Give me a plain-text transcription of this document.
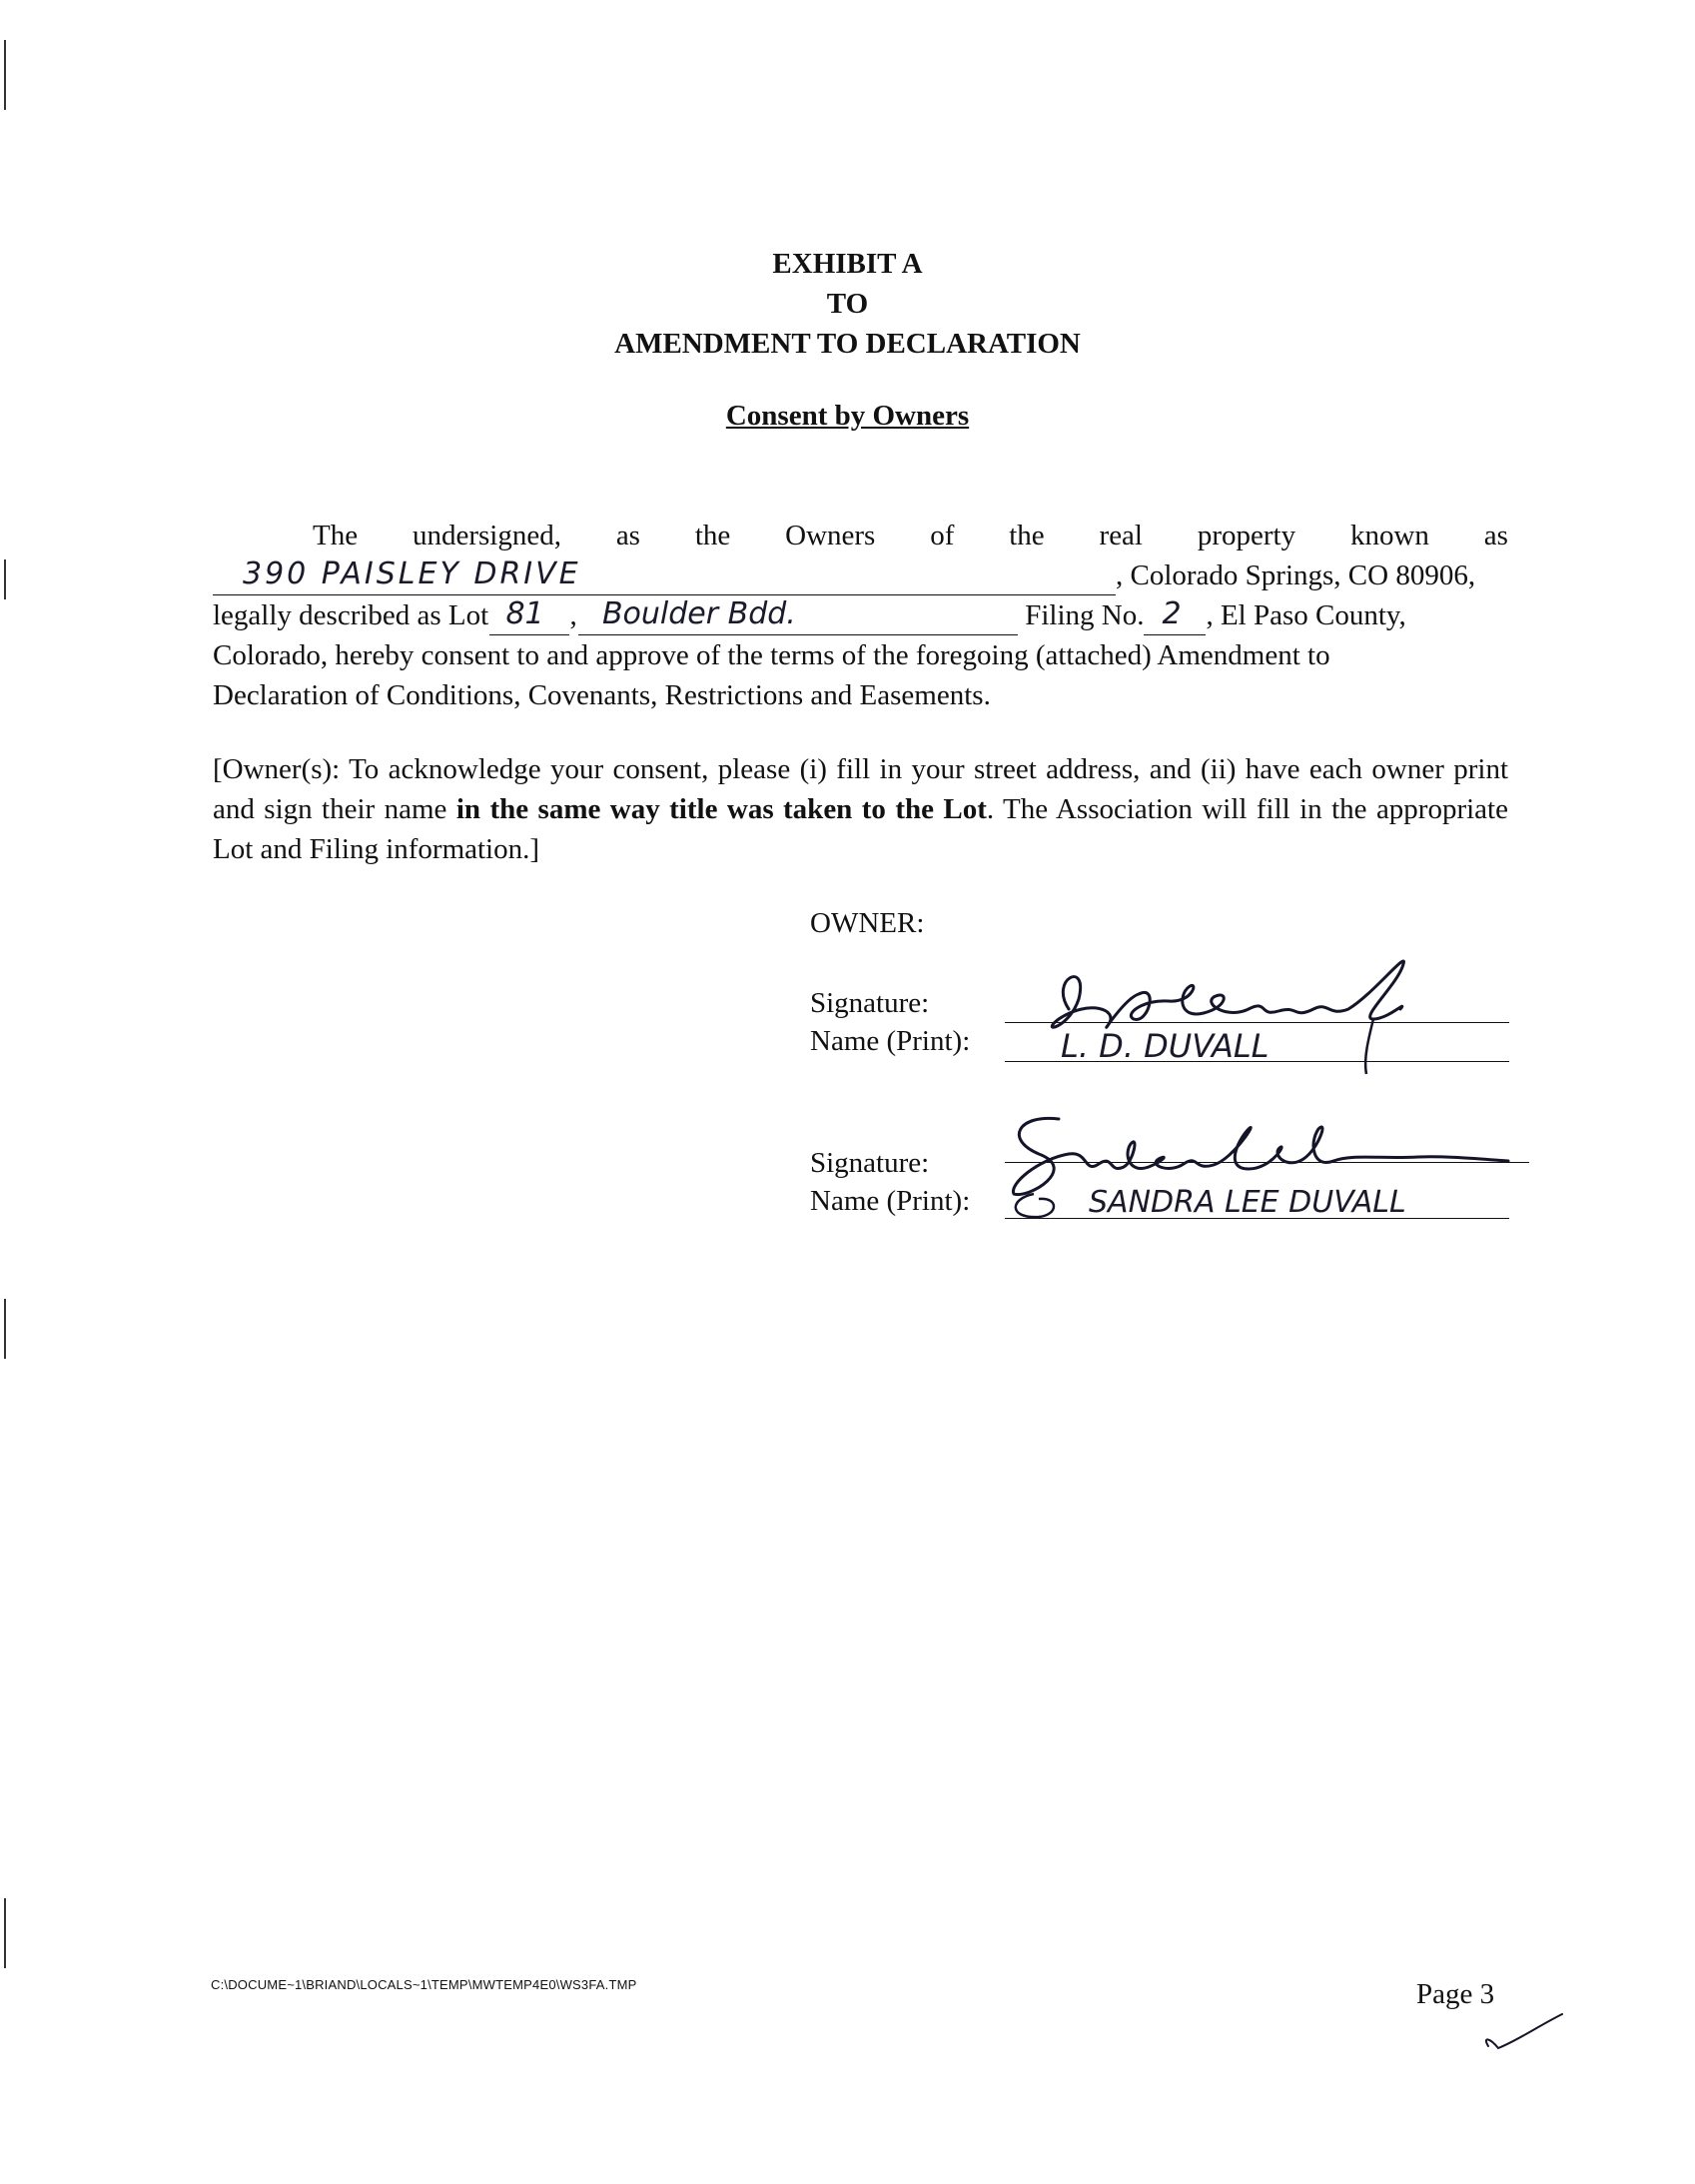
EXHIBIT A
TO
AMENDMENT TO DECLARATION
Consent by Owners
The undersigned, as the Owners of the real property known as
390 PAISLEY DRIVE	, Colorado Springs, CO 80906,
legally described as Lot 81 , Boulder Bdd.	Filing No. 2 , El Paso County,
Colorado, hereby consent to and approve of the terms of the foregoing (attached) Amendment to
Declaration of Conditions, Covenants, Restrictions and Easements.
[Owner(s): To acknowledge your consent, please (i) fill in your street address, and (ii) have each owner print and sign their name in the same way title was taken to the Lot. The Association will fill in the appropriate Lot and Filing information.]
OWNER:
Signature:
Name (Print):	L. D. DUVALL
Signature:
Name (Print):	SANDRA LEE DUVALL
C:\DOCUME~1\BRIAND\LOCALS~1\TEMP\MWTEMP4E0\WS3FA.TMP	Page 3
